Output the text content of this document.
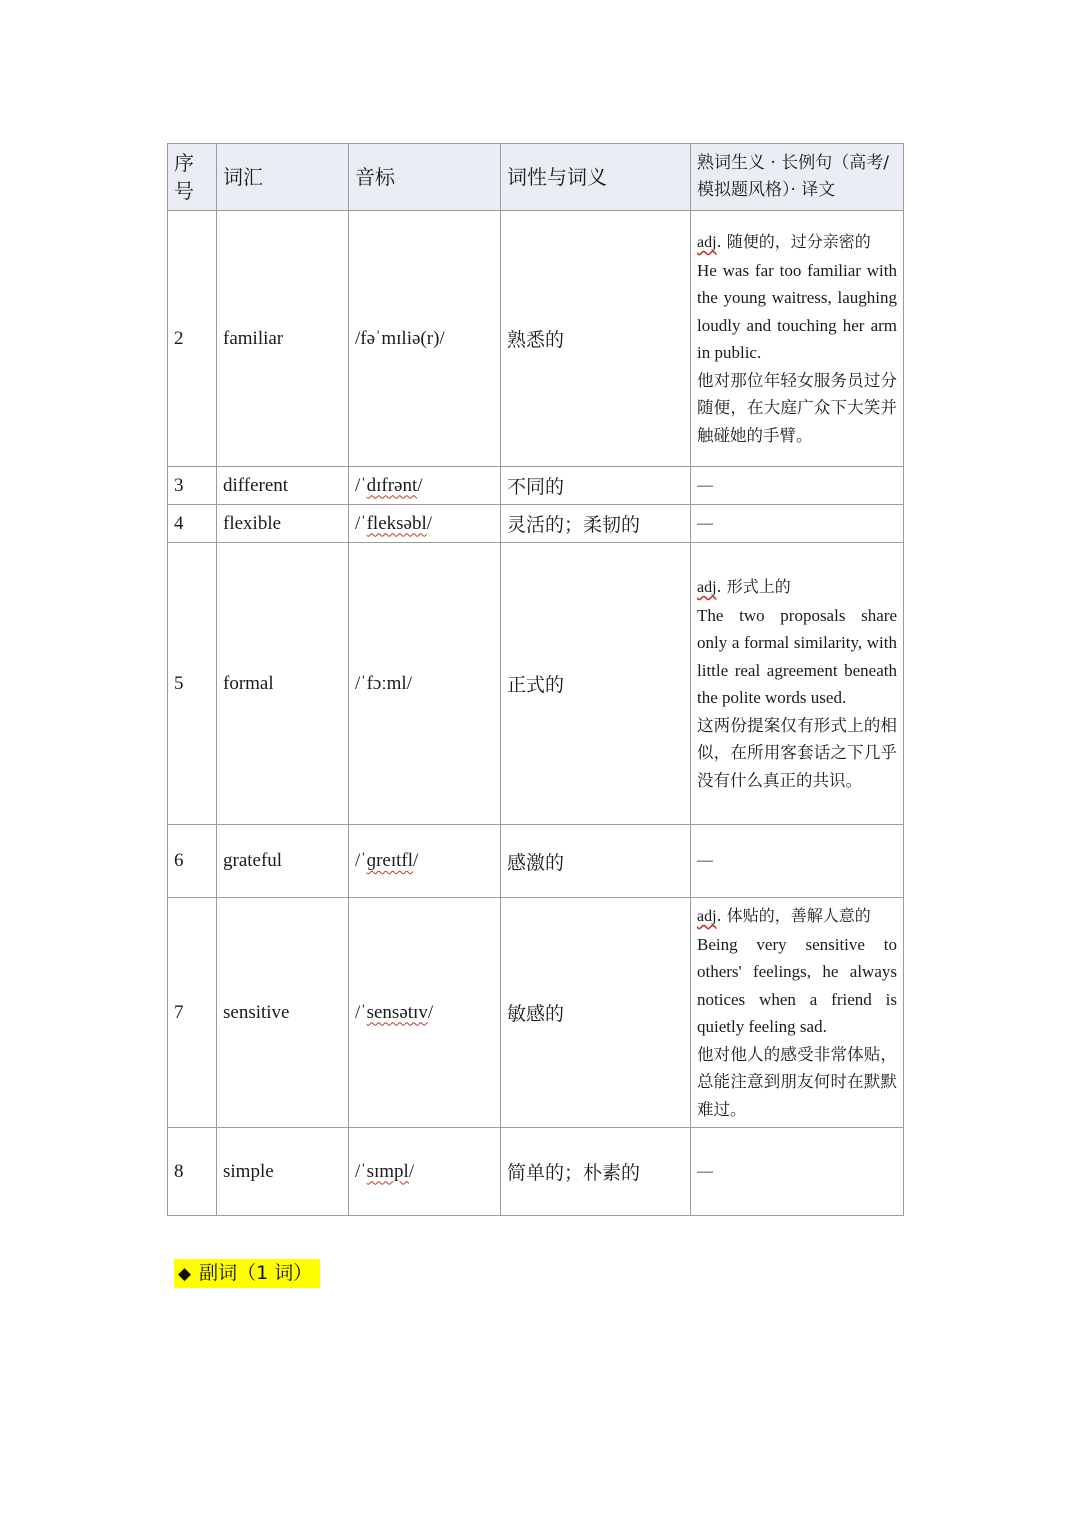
序号	词汇	音标	词性与词义	熟词生义 · 长例句（高考/模拟题风格）· 译文
2	familiar	/fəˈmɪliə(r)/	熟悉的	adj. 随便的，过分亲密的
He was far too familiar with the young waitress, laughing loudly and touching her arm in public.
他对那位年轻女服务员过分随便，在大庭广众下大笑并触碰她的手臂。

3	different	/ˈdɪfrənt/	不同的	—
4	flexible	/ˈfleksəbl/	灵活的；柔韧的	—
5	formal	/ˈfɔːml/	正式的	adj. 形式上的
The two proposals share only a formal similarity, with little real agreement beneath the polite words used.
这两份提案仅有形式上的相似，在所用客套话之下几乎没有什么真正的共识。

6	grateful	/ˈɡreɪtfl/	感激的	—
7	sensitive	/ˈsensətɪv/	敏感的	adj. 体贴的，善解人意的
Being very sensitive to others' feelings, he always notices when a friend is quietly feeling sad.
他对他人的感受非常体贴，总能注意到朋友何时在默默难过。

8	simple	/ˈsɪmpl/	简单的；朴素的	—
◆ 副词（1 词）
